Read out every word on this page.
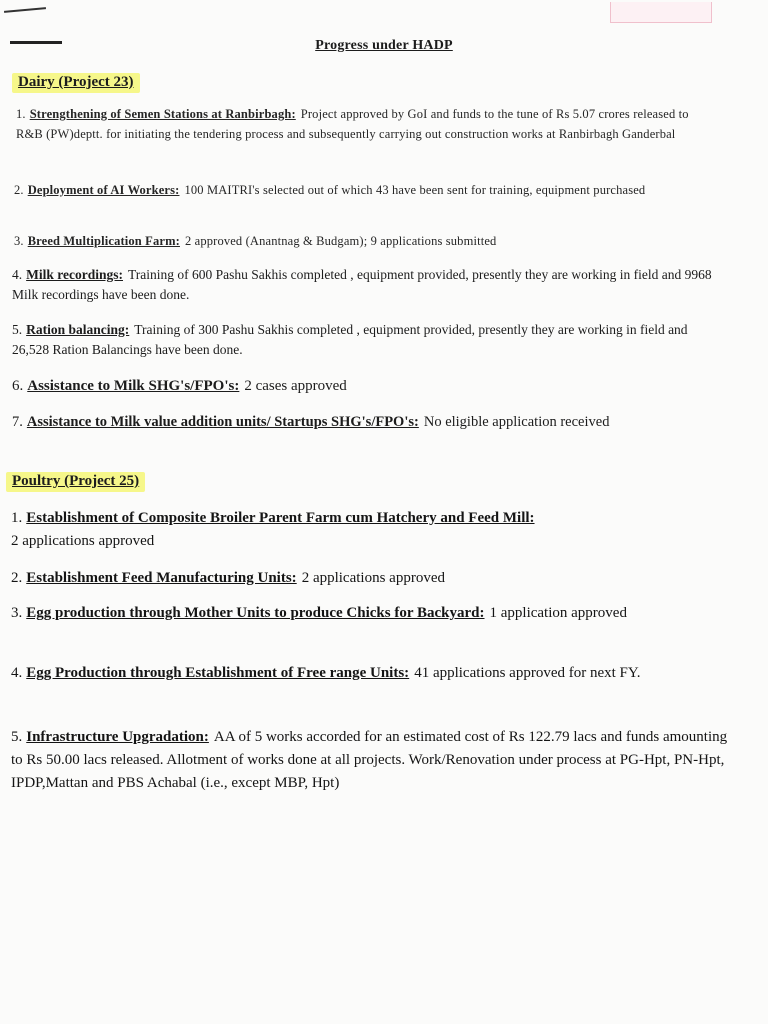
Progress under HADP
Dairy (Project 23)
1. Strengthening of Semen Stations at Ranbirbagh: Project approved by GoI and funds to the tune of Rs 5.07 crores released to R&B (PW)deptt. for initiating the tendering process and subsequently carrying out construction works at Ranbirbagh Ganderbal
2. Deployment of AI Workers: 100 MAITRI's selected out of which 43 have been sent for training, equipment purchased
3. Breed Multiplication Farm: 2 approved (Anantnag & Budgam); 9 applications submitted
4. Milk recordings: Training of 600 Pashu Sakhis completed , equipment provided, presently they are working in field and 9968 Milk recordings have been done.
5. Ration balancing: Training of 300 Pashu Sakhis completed , equipment provided, presently they are working in field and 26,528 Ration Balancings have been done.
6. Assistance to Milk SHG's/FPO's: 2 cases approved
7. Assistance to Milk value addition units/ Startups SHG's/FPO's: No eligible application received
Poultry (Project 25)
1. Establishment of Composite Broiler Parent Farm cum Hatchery and Feed Mill:
2 applications approved
2. Establishment Feed Manufacturing Units: 2 applications approved
3. Egg production through Mother Units to produce Chicks for Backyard: 1 application approved
4. Egg Production through Establishment of Free range Units: 41 applications approved for next FY.
5. Infrastructure Upgradation: AA of 5 works accorded for an estimated cost of Rs 122.79 lacs and funds amounting to Rs 50.00 lacs released. Allotment of works done at all projects. Work/Renovation under process at PG-Hpt, PN-Hpt, IPDP,Mattan and PBS Achabal (i.e., except MBP, Hpt)
